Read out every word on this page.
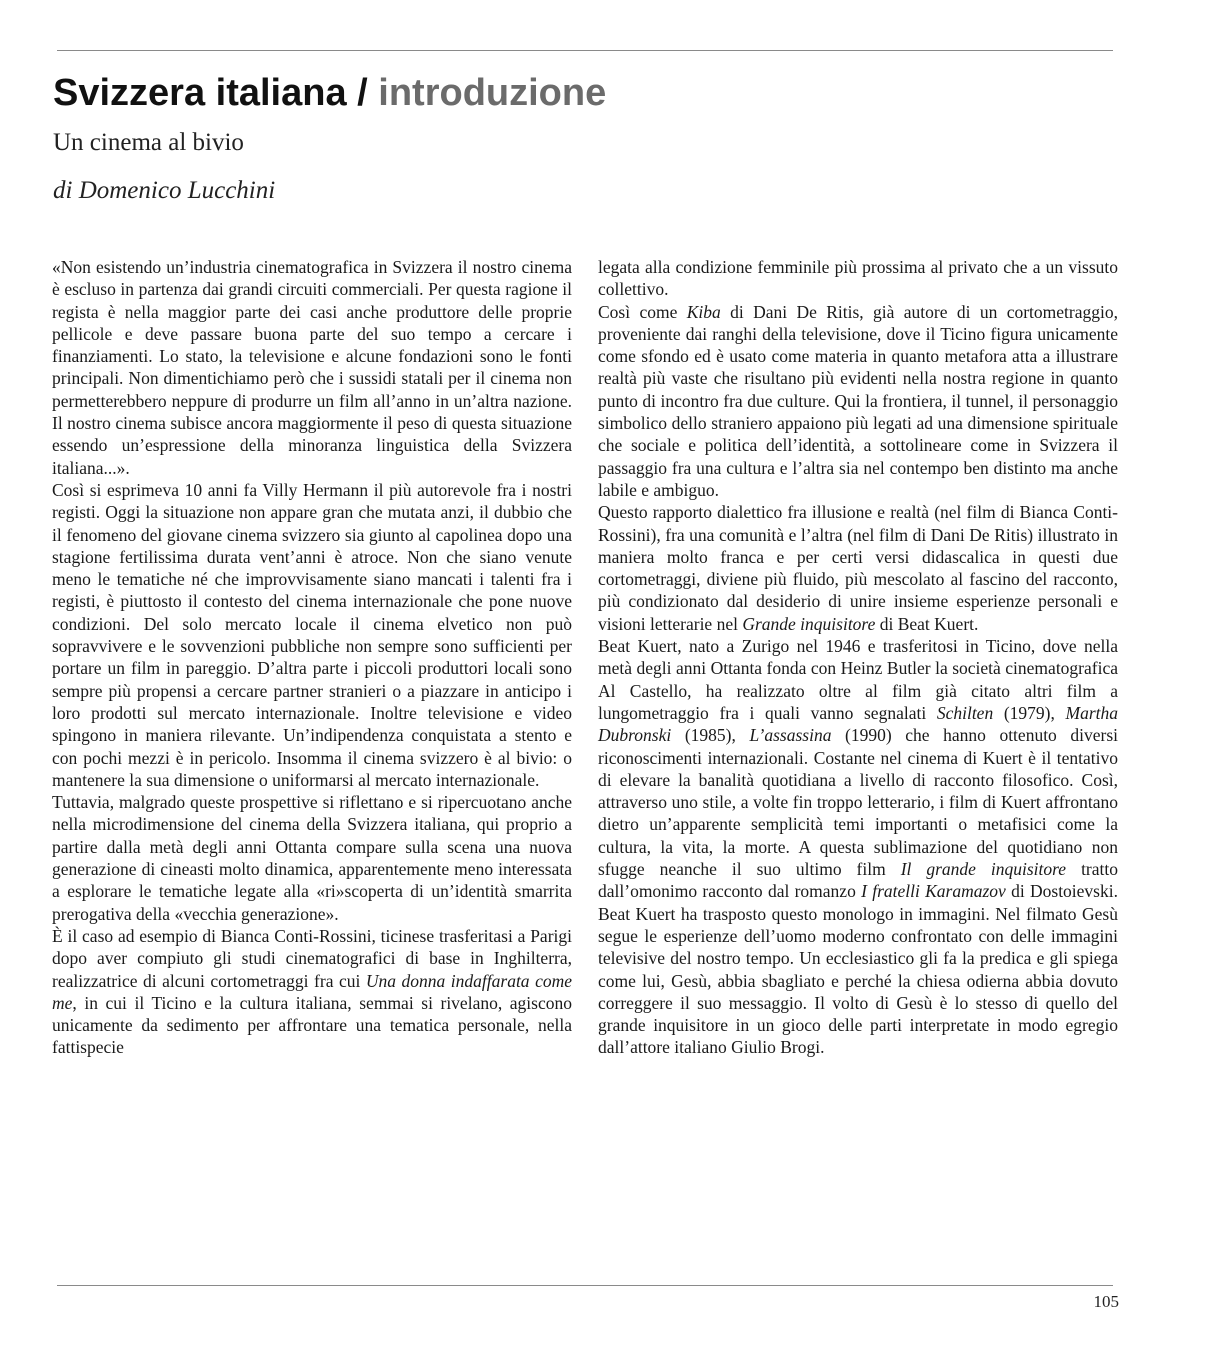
Svizzera italiana / introduzione
Un cinema al bivio
di Domenico Lucchini

«Non esistendo un’industria cinematografica in Svizzera il nostro cinema è escluso in partenza dai grandi circuiti commerciali. Per questa ragione il regista è nella maggior parte dei casi anche produttore delle proprie pellicole e deve passare buona parte del suo tempo a cercare i finanziamenti. Lo stato, la televisione e alcune fondazioni sono le fonti principali. Non dimentichiamo però che i sussidi statali per il cinema non permetterebbero neppure di produrre un film all’anno in un’altra nazione. Il nostro cinema subisce ancora maggiormente il peso di questa situazione essendo un’espressione della minoranza linguistica della Svizzera italiana...».

Così si esprimeva 10 anni fa Villy Hermann il più autorevole fra i nostri registi. Oggi la situazione non appare gran che mutata anzi, il dubbio che il fenomeno del giovane cinema svizzero sia giunto al capolinea dopo una stagione fertilissima durata vent’anni è atroce. Non che siano venute meno le tematiche né che improvvisamente siano mancati i talenti fra i registi, è piuttosto il contesto del cinema internazionale che pone nuove condizioni. Del solo mercato locale il cinema elvetico non può sopravvivere e le sovvenzioni pubbliche non sempre sono sufficienti per portare un film in pareggio. D’altra parte i piccoli produttori locali sono sempre più propensi a cercare partner stranieri o a piazzare in anticipo i loro prodotti sul mercato internazionale. Inoltre televisione e video spingono in maniera rilevante. Un’indipendenza conquistata a stento e con pochi mezzi è in pericolo. Insomma il cinema svizzero è al bivio: o mantenere la sua dimensione o uniformarsi al mercato internazionale.

Tuttavia, malgrado queste prospettive si riflettano e si ripercuotano anche nella microdimensione del cinema della Svizzera italiana, qui proprio a partire dalla metà degli anni Ottanta compare sulla scena una nuova generazione di cineasti molto dinamica, apparentemente meno interessata a esplorare le tematiche legate alla «ri»scoperta di un’identità smarrita prerogativa della «vecchia generazione».

È il caso ad esempio di Bianca Conti-Rossini, ticinese trasferitasi a Parigi dopo aver compiuto gli studi cinematografici di base in Inghilterra, realizzatrice di alcuni cortometraggi fra cui Una donna indaffarata come me, in cui il Ticino e la cultura italiana, semmai si rivelano, agiscono unicamente da sedimento per affrontare una tematica personale, nella fattispecie

legata alla condizione femminile più prossima al privato che a un vissuto collettivo.

Così come Kiba di Dani De Ritis, già autore di un cortometraggio, proveniente dai ranghi della televisione, dove il Ticino figura unicamente come sfondo ed è usato come materia in quanto metafora atta a illustrare realtà più vaste che risultano più evidenti nella nostra regione in quanto punto di incontro fra due culture. Qui la frontiera, il tunnel, il personaggio simbolico dello straniero appaiono più legati ad una dimensione spirituale che sociale e politica dell’identità, a sottolineare come in Svizzera il passaggio fra una cultura e l’altra sia nel contempo ben distinto ma anche labile e ambiguo.

Questo rapporto dialettico fra illusione e realtà (nel film di Bianca Conti-Rossini), fra una comunità e l’altra (nel film di Dani De Ritis) illustrato in maniera molto franca e per certi versi didascalica in questi due cortometraggi, diviene più fluido, più mescolato al fascino del racconto, più condizionato dal desiderio di unire insieme esperienze personali e visioni letterarie nel Grande inquisitore di Beat Kuert.

Beat Kuert, nato a Zurigo nel 1946 e trasferitosi in Ticino, dove nella metà degli anni Ottanta fonda con Heinz Butler la società cinematografica Al Castello, ha realizzato oltre al film già citato altri film a lungometraggio fra i quali vanno segnalati Schilten (1979), Martha Dubronski (1985), L’assassina (1990) che hanno ottenuto diversi riconoscimenti internazionali. Costante nel cinema di Kuert è il tentativo di elevare la banalità quotidiana a livello di racconto filosofico. Così, attraverso uno stile, a volte fin troppo letterario, i film di Kuert affrontano dietro un’apparente semplicità temi importanti o metafisici come la cultura, la vita, la morte. A questa sublimazione del quotidiano non sfugge neanche il suo ultimo film Il grande inquisitore tratto dall’omonimo racconto dal romanzo I fratelli Karamazov di Dostoievski. Beat Kuert ha trasposto questo monologo in immagini. Nel filmato Gesù segue le esperienze dell’uomo moderno confrontato con delle immagini televisive del nostro tempo. Un ecclesiastico gli fa la predica e gli spiega come lui, Gesù, abbia sbagliato e perché la chiesa odierna abbia dovuto correggere il suo messaggio. Il volto di Gesù è lo stesso di quello del grande inquisitore in un gioco delle parti interpretate in modo egregio dall’attore italiano Giulio Brogi.

105
